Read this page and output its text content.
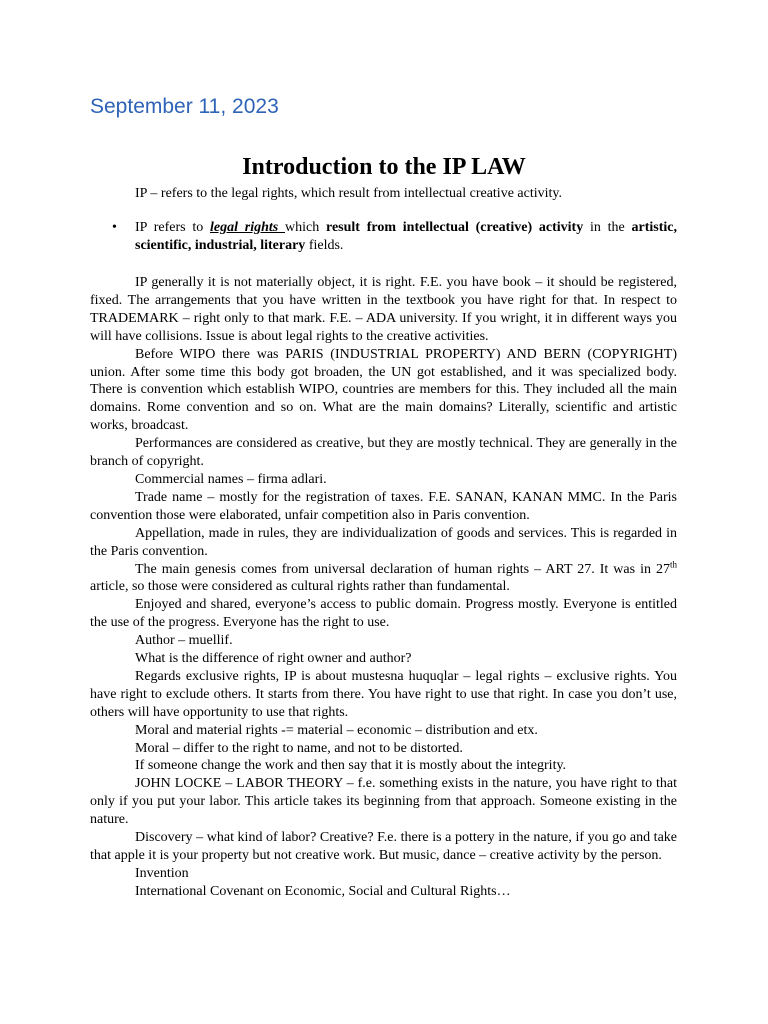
September 11, 2023
Introduction to the IP LAW

IP – refers to the legal rights, which result from intellectual creative activity.

• IP refers to legal rights which result from intellectual (creative) activity in the artistic, scientific, industrial, literary fields.

IP generally it is not materially object, it is right. F.E. you have book – it should be registered, fixed. The arrangements that you have written in the textbook you have right for that. In respect to TRADEMARK – right only to that mark. F.E. – ADA university. If you wright, it in different ways you will have collisions. Issue is about legal rights to the creative activities.

Before WIPO there was PARIS (INDUSTRIAL PROPERTY) AND BERN (COPYRIGHT) union. After some time this body got broaden, the UN got established, and it was specialized body. There is convention which establish WIPO, countries are members for this. They included all the main domains. Rome convention and so on. What are the main domains? Literally, scientific and artistic works, broadcast.

Performances are considered as creative, but they are mostly technical. They are generally in the branch of copyright.

Commercial names – firma adlari.

Trade name – mostly for the registration of taxes. F.E. SANAN, KANAN MMC. In the Paris convention those were elaborated, unfair competition also in Paris convention.

Appellation, made in rules, they are individualization of goods and services. This is regarded in the Paris convention.

The main genesis comes from universal declaration of human rights – ART 27. It was in 27th article, so those were considered as cultural rights rather than fundamental.

Enjoyed and shared, everyone’s access to public domain. Progress mostly. Everyone is entitled the use of the progress. Everyone has the right to use.

Author – muellif.

What is the difference of right owner and author?

Regards exclusive rights, IP is about mustesna huquqlar – legal rights – exclusive rights. You have right to exclude others. It starts from there. You have right to use that right. In case you don’t use, others will have opportunity to use that rights.

Moral and material rights -= material – economic – distribution and etx.

Moral – differ to the right to name, and not to be distorted.

If someone change the work and then say that it is mostly about the integrity.

JOHN LOCKE – LABOR THEORY – f.e. something exists in the nature, you have right to that only if you put your labor. This article takes its beginning from that approach. Someone existing in the nature.

Discovery – what kind of labor? Creative? F.e. there is a pottery in the nature, if you go and take that apple it is your property but not creative work. But music, dance – creative activity by the person.

Invention

International Covenant on Economic, Social and Cultural Rights…
